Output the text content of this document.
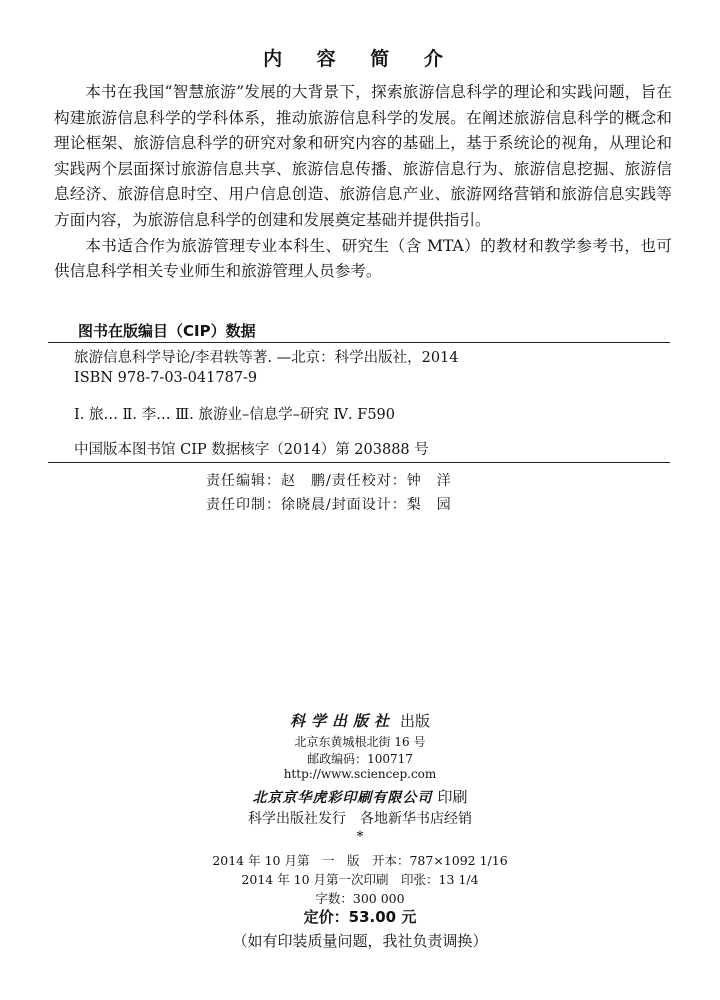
内 容 简 介

本书在我国“智慧旅游”发展的大背景下，探索旅游信息科学的理论和实践问题，旨在构建旅游信息科学的学科体系，推动旅游信息科学的发展。在阐述旅游信息科学的概念和理论框架、旅游信息科学的研究对象和研究内容的基础上，基于系统论的视角，从理论和实践两个层面探讨旅游信息共享、旅游信息传播、旅游信息行为、旅游信息挖掘、旅游信息经济、旅游信息时空、用户信息创造、旅游信息产业、旅游网络营销和旅游信息实践等方面内容，为旅游信息科学的创建和发展奠定基础并提供指引。

本书适合作为旅游管理专业本科生、研究生（含 MTA）的教材和教学参考书，也可供信息科学相关专业师生和旅游管理人员参考。

图书在版编目（CIP）数据
旅游信息科学导论/李君轶等著. —北京：科学出版社，2014
ISBN 978-7-03-041787-9
Ⅰ. 旅… Ⅱ. 李… Ⅲ. 旅游业–信息学–研究 Ⅳ. F590
中国版本图书馆 CIP 数据核字（2014）第 203888 号
责任编辑：赵　鹏/责任校对：钟　洋
责任印制：徐晓晨/封面设计：梨　园
科学出版社 出版
北京东黄城根北街 16 号
邮政编码：100717
http://www.sciencep.com
北京京华虎彩印刷有限公司 印刷
科学出版社发行　各地新华书店经销
*
2014 年 10 月第　一　版　开本：787×1092 1/16
2014 年 10 月第一次印刷　印张：13 1/4
字数：300 000
定价：53.00 元
（如有印装质量问题，我社负责调换）
